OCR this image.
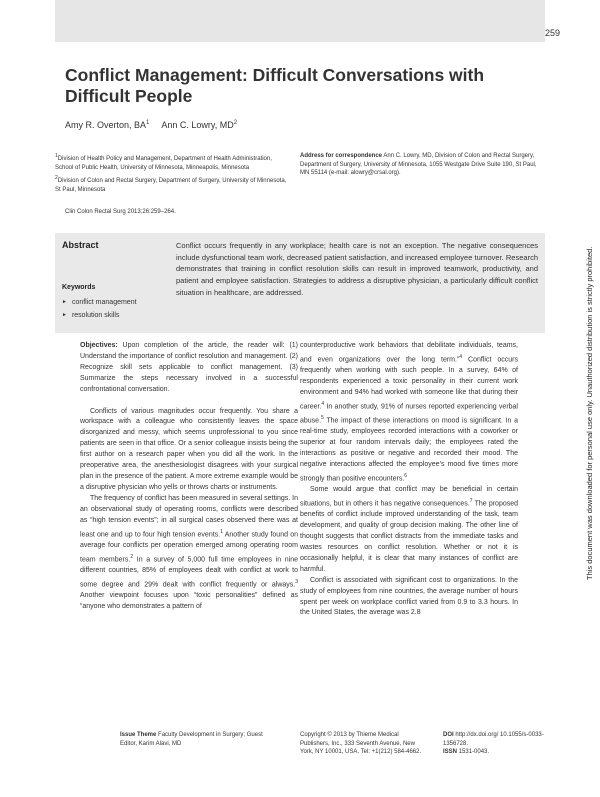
259
Conflict Management: Difficult Conversations with Difficult People
Amy R. Overton, $BA^1$ Ann C. Lowry, $MD^2$

$^1$Division of Health Policy and Management, Department of Health Administration, School of Public Health, University of Minnesota, Minneapolis, Minnesota

$^2$Division of Colon and Rectal Surgery, Department of Surgery, University of Minnesota, St Paul, Minnesota

Address for correspondence Ann C. Lowry, MD, Division of Colon and Rectal Surgery, Department of Surgery, University of Minnesota, 1055 Westgate Drive Suite 190, St Paul, MN 55114 (e-mail: alowry@crsal.org).
Clin Colon Rectal Surg 2013;26:259–264.
Abstract	Conflict occurs frequently in any workplace; health care is not an exception. The negative consequences include dysfunctional team work, decreased patient satisfaction, and increased employee turnover. Research demonstrates that training in conflict resolution skills can result in improved teamwork, productivity, and patient and employee satisfaction. Strategies to address a disruptive physician, a particularly difficult conflict situation in healthcare, are addressed.
Keywords
► conflict management
► resolution skills

Objectives: Upon completion of the article, the reader will: (1) Understand the importance of conflict resolution and management. (2) Recognize skill sets applicable to conflict management. (3) Summarize the steps necessary involved in a successful confrontational conversation.

Conflicts of various magnitudes occur frequently. You share a workspace with a colleague who consistently leaves the space disorganized and messy, which seems unprofessional to you since patients are seen in that office. Or a senior colleague insists being the first author on a research paper when you did all the work. In the preoperative area, the anesthesiologist disagrees with your surgical plan in the presence of the patient. A more extreme example would be a disruptive physician who yells or throws charts or instruments.

The frequency of conflict has been measured in several settings. In an observational study of operating rooms, conflicts were described as “high tension events”; in all surgical cases observed there was at least one and up to four high tension events.$^1$ Another study found on average four conflicts per operation emerged among operating room team members.$^2$ In a survey of 5,000 full time employees in nine different countries, 85% of employees dealt with conflict at work to some degree and 29% dealt with conflict frequently or always.$^3$ Another viewpoint focuses upon “toxic personalities” defined as “anyone who demonstrates a pattern of

counterproductive work behaviors that debilitate individuals, teams, and even organizations over the long term.”$^4$ Conflict occurs frequently when working with such people. In a survey, 64% of respondents experienced a toxic personality in their current work environment and 94% had worked with someone like that during their career.$^4$ In another study, 91% of nurses reported experiencing verbal abuse.$^5$ The impact of these interactions on mood is significant. In a real-time study, employees recorded interactions with a coworker or superior at four random intervals daily; the employees rated the interactions as positive or negative and recorded their mood. The negative interactions affected the employee’s mood five times more strongly than positive encounters.$^6$

Some would argue that conflict may be beneficial in certain situations, but in others it has negative consequences.$^7$ The proposed benefits of conflict include improved understanding of the task, team development, and quality of group decision making. The other line of thought suggests that conflict distracts from the immediate tasks and wastes resources on conflict resolution. Whether or not it is occasionally helpful, it is clear that many instances of conflict are harmful.

Conflict is associated with significant cost to organizations. In the study of employees from nine countries, the average number of hours spent per week on workplace conflict varied from 0.9 to 3.3 hours. In the United States, the average was 2.8

Issue Theme Faculty Development in Surgery; Guest Editor, Karim Alavi, MD
Copyright © 2013 by Thieme Medical Publishers, Inc., 333 Seventh Avenue, New York, NY 10001, USA. Tel: +1(212) 584-4662.
DOI http://dx.doi.org/ 10.1055/s-0033-1356728.
ISSN 1531-0043.
This document was downloaded for personal use only. Unauthorized distribution is strictly prohibited.
